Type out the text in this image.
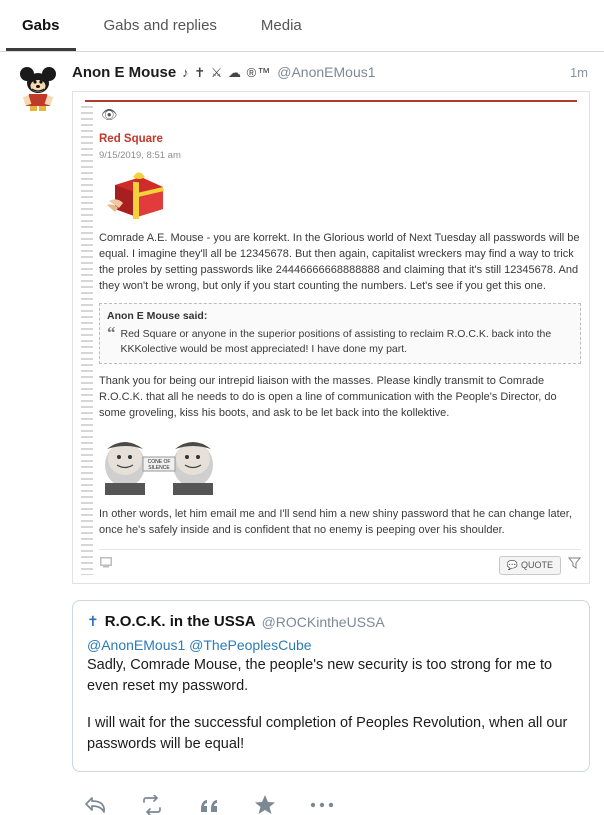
Gabs	Gabs and replies	Media
Anon E Mouse ♪ ✝ ⚔ ☁ ®™ @AnonEMous1	1m
👁
Red Square
9/15/2019, 8:51 am

Comrade A.E. Mouse - you are korrekt. In the Glorious world of Next Tuesday all passwords will be equal. I imagine they'll all be 12345678. But then again, capitalist wreckers may find a way to trick the proles by setting passwords like 24446666668888888 and claiming that it's still 12345678. And they won't be wrong, but only if you start counting the numbers. Let's see if you get this one.

Anon E Mouse said:
“ Red Square or anyone in the superior positions of assisting to reclaim R.O.C.K. back into the KKKolective would be most appreciated! I have done my part.

Thank you for being our intrepid liaison with the masses. Please kindly transmit to Comrade R.O.C.K. that all he needs to do is open a line of communication with the People's Director, do some groveling, kiss his boots, and ask to be let back into the kollektive.

CONE OF
SILENCE

In other words, let him email me and I'll send him a new shiny password that he can change later, once he's safely inside and is confident that no enemy is peeping over his shoulder.

💬 QUOTE
✝ R.O.C.K. in the USSA @ROCKintheUSSA
@AnonEMous1 @ThePeoplesCube

Sadly, Comrade Mouse, the people's new security is too strong for me to even reset my password.

I will wait for the successful completion of Peoples Revolution, when all our passwords will be equal!
